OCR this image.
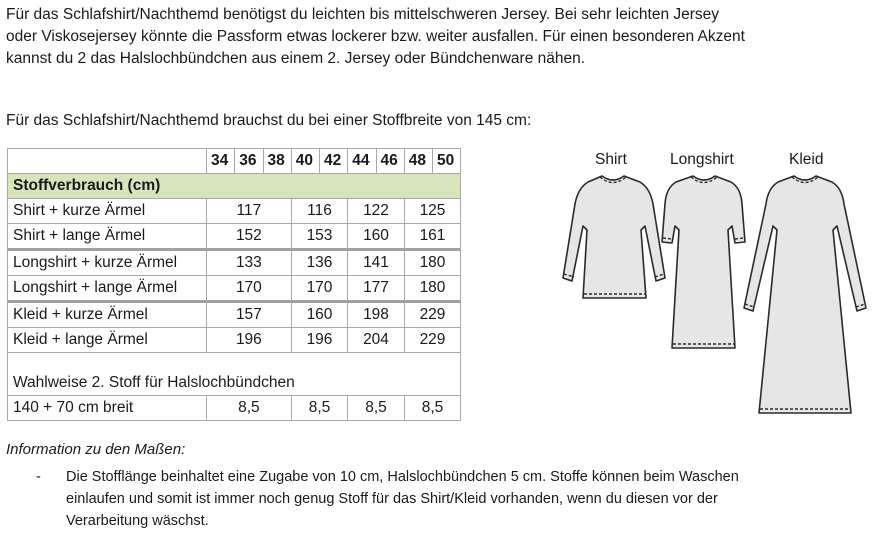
Für das Schlafshirt/Nachthemd benötigst du leichten bis mittelschweren Jersey. Bei sehr leichten Jersey oder Viskosejersey könnte die Passform etwas lockerer bzw. weiter ausfallen. Für einen besonderen Akzent kannst du 2 das Halslochbündchen aus einem 2. Jersey oder Bündchenware nähen.

Für das Schlafshirt/Nachthemd brauchst du bei einer Stoffbreite von 145 cm:

	34	36	38	40	42	44	46	48	50
Stoffverbrauch (cm)									
Shirt + kurze Ärmel	117			116		122		125	
Shirt + lange Ärmel	152			153		160		161	
Longshirt + kurze Ärmel	133			136		141		180	
Longshirt + lange Ärmel	170			170		177		180	
Kleid + kurze Ärmel	157			160		198		229	
Kleid + lange Ärmel	196			196		204		229	

Wahlweise 2. Stoff für Halslochbündchen									
140 + 70 cm breit	8,5			8,5		8,5		8,5	
Shirt	Longshirt	Kleid

Information zu den Maßen:

- Die Stofflänge beinhaltet eine Zugabe von 10 cm, Halslochbündchen 5 cm. Stoffe können beim Waschen einlaufen und somit ist immer noch genug Stoff für das Shirt/Kleid vorhanden, wenn du diesen vor der Verarbeitung wäschst.
